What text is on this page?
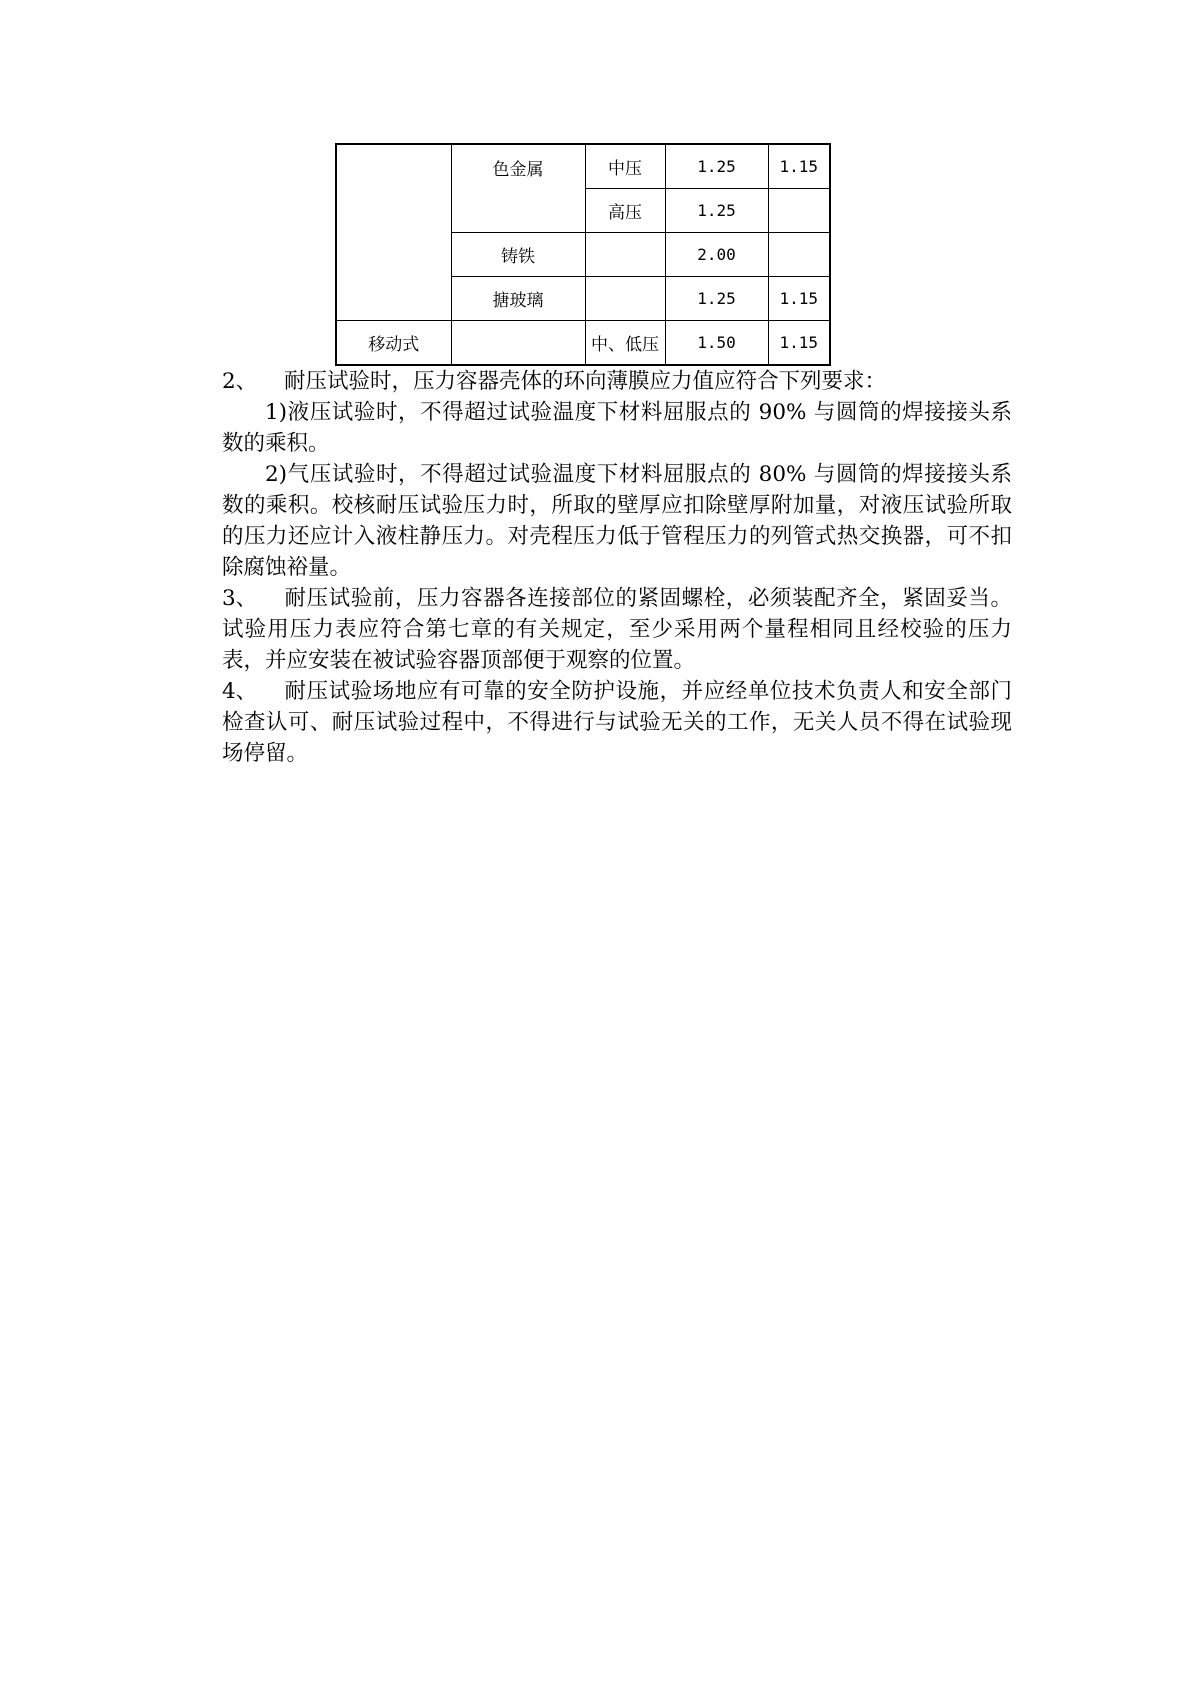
	色金属	中压	1.25	1.15
		高压	1.25	
	铸铁		2.00	
	搪玻璃		1.25	1.15
移动式		中、低压	1.50	1.15

2、 耐压试验时，压力容器壳体的环向薄膜应力值应符合下列要求：

1)液压试验时，不得超过试验温度下材料屈服点的 90% 与圆筒的焊接接头系数的乘积。

2)气压试验时，不得超过试验温度下材料屈服点的 80% 与圆筒的焊接接头系数的乘积。校核耐压试验压力时，所取的壁厚应扣除壁厚附加量，对液压试验所取的压力还应计入液柱静压力。对壳程压力低于管程压力的列管式热交换器，可不扣除腐蚀裕量。

3、 耐压试验前，压力容器各连接部位的紧固螺栓，必须装配齐全，紧固妥当。试验用压力表应符合第七章的有关规定，至少采用两个量程相同且经校验的压力表，并应安装在被试验容器顶部便于观察的位置。

4、 耐压试验场地应有可靠的安全防护设施，并应经单位技术负责人和安全部门检查认可、耐压试验过程中，不得进行与试验无关的工作，无关人员不得在试验现场停留。
